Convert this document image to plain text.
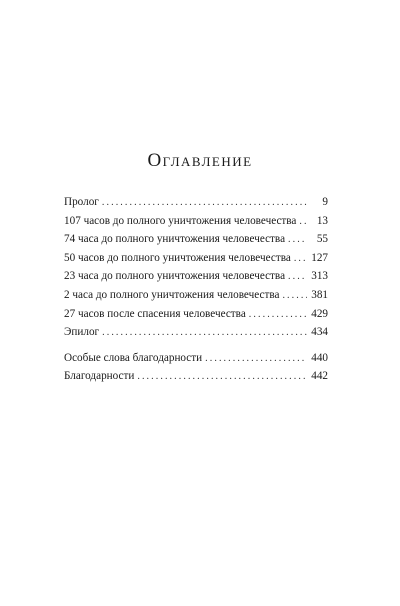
Оглавление
Пролог . . .	9
107 часов до полного уничтожения человечества . . .	13
74 часа до полного уничтожения человечества . . .	55
50 часов до полного уничтожения человечества . . .	127
23 часа до полного уничтожения человечества . . .	313
2 часа до полного уничтожения человечества . . .	381
27 часов после спасения человечества . . .	429
Эпилог . . .	434
Особые слова благодарности . . .	440
Благодарности . . .	442
